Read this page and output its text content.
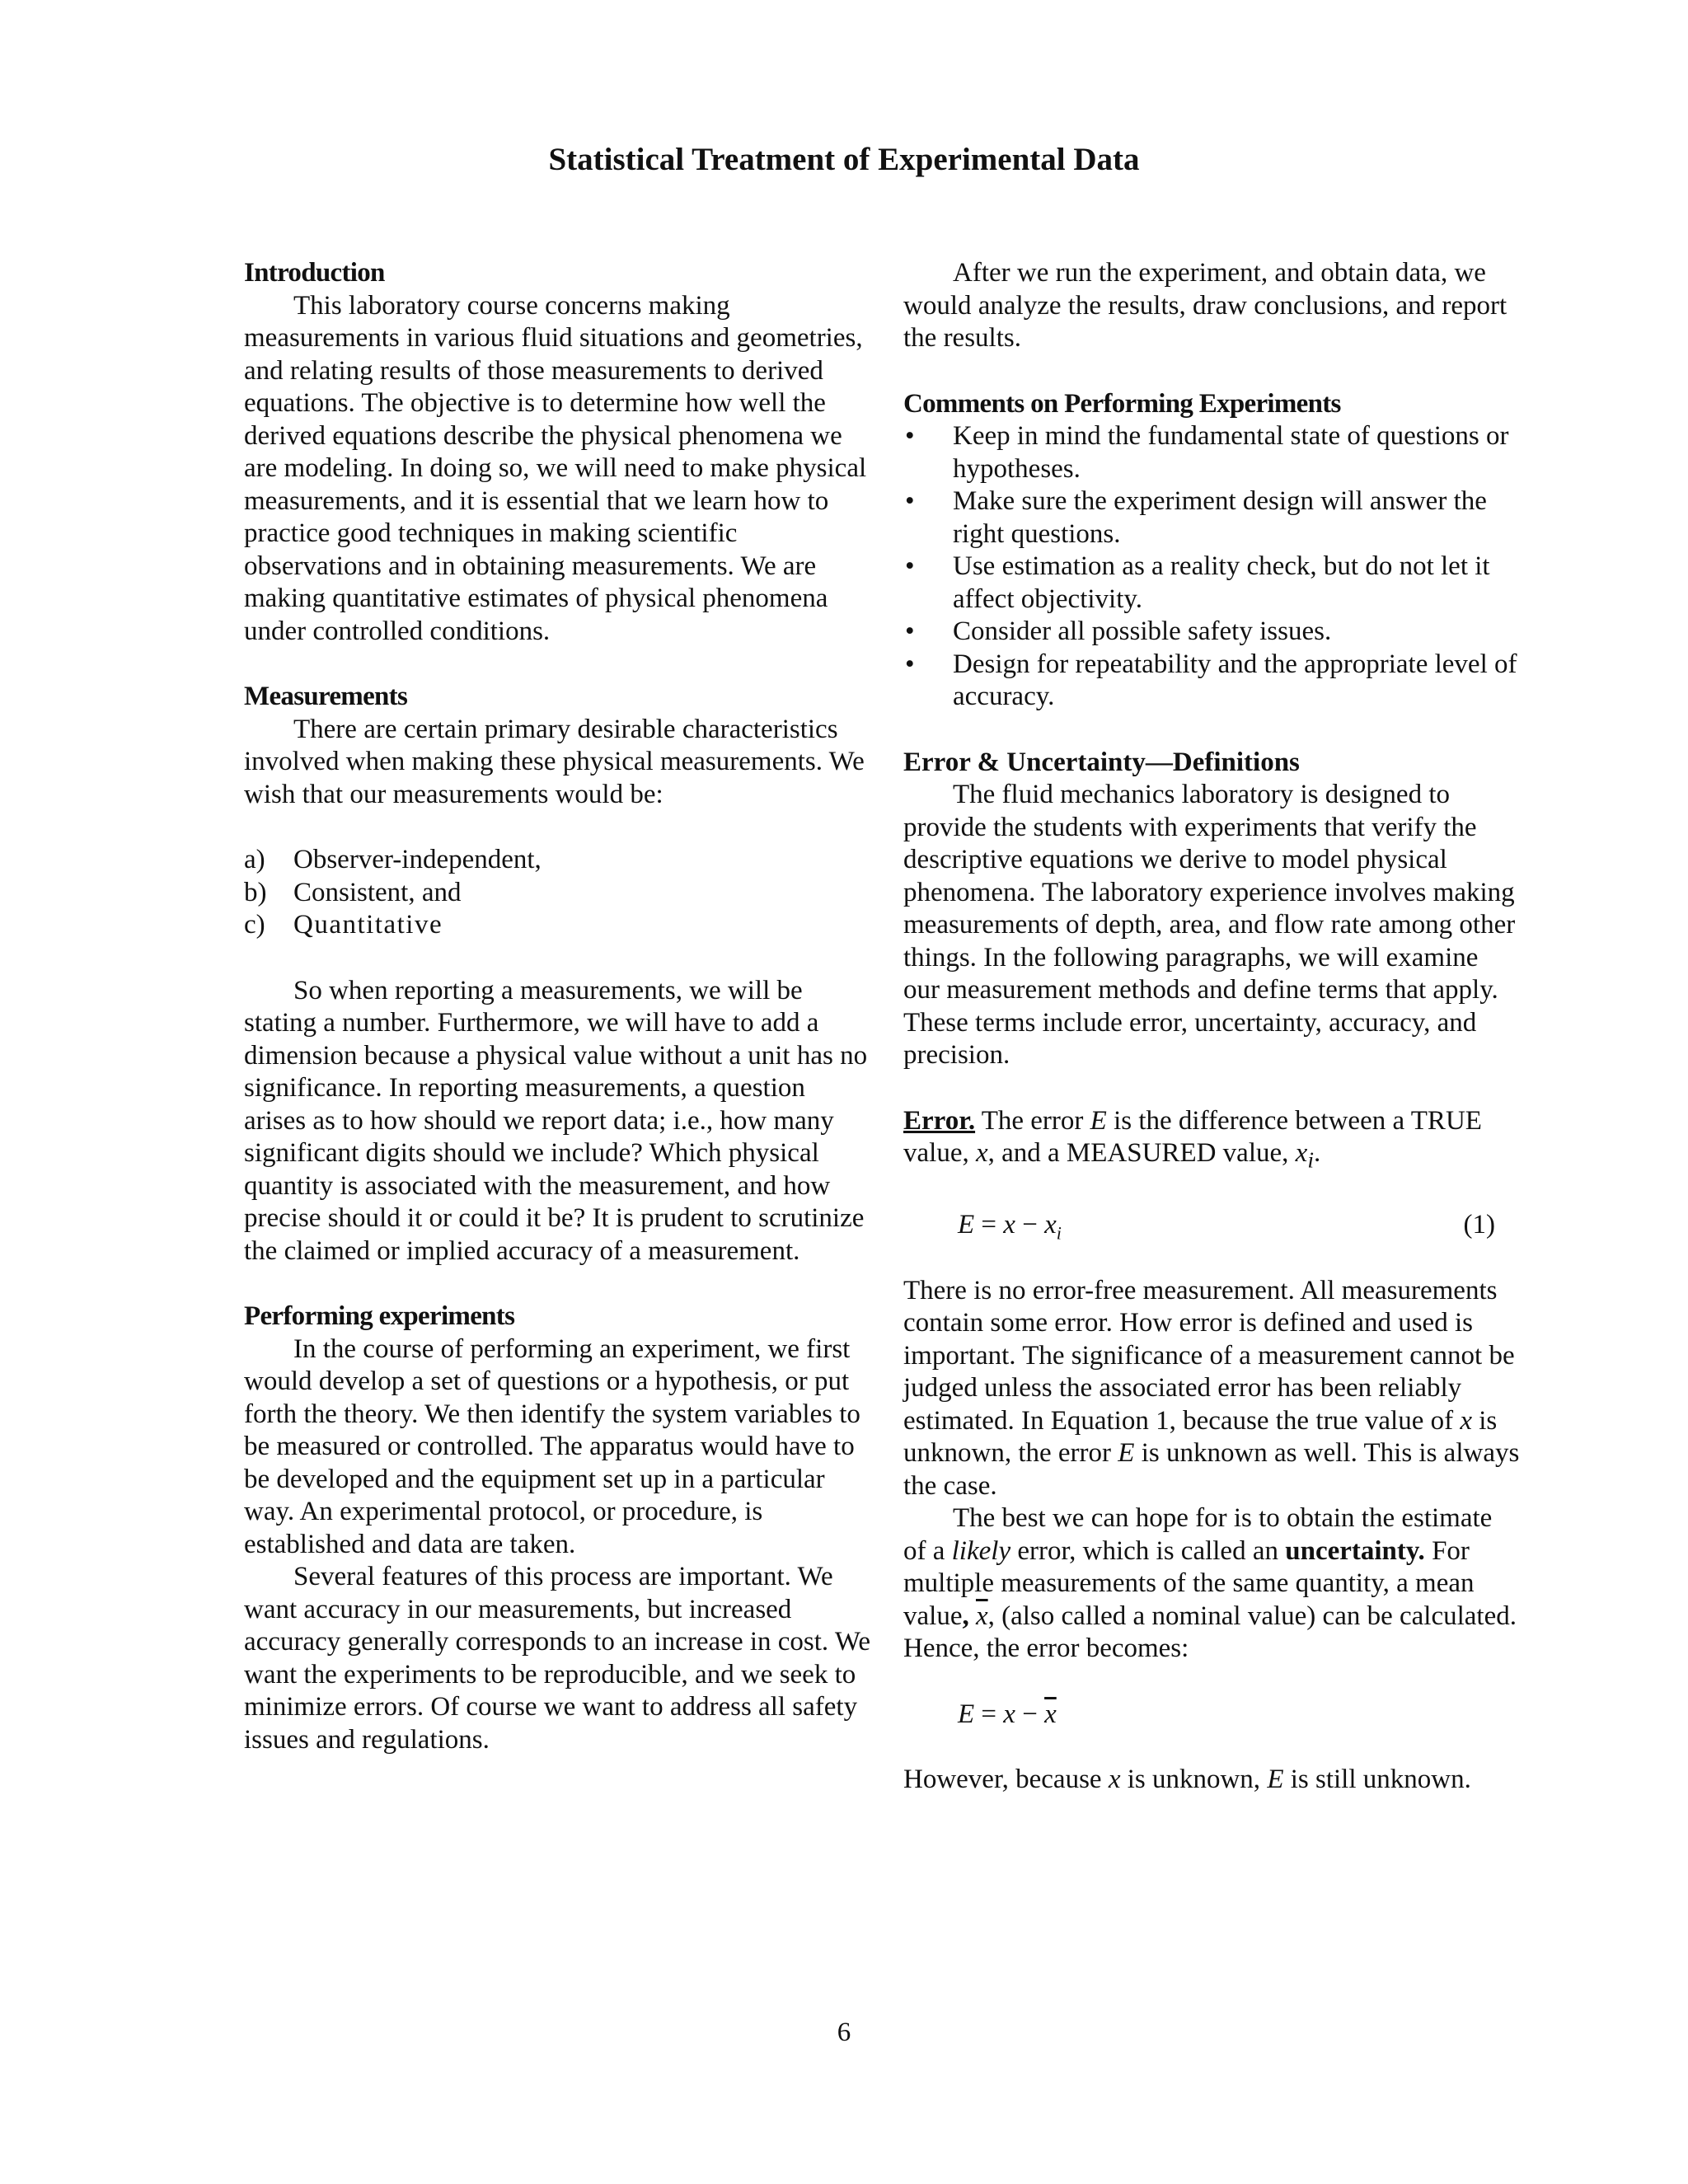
Statistical Treatment of Experimental Data

Introduction

This laboratory course concerns making measurements in various fluid situations and geometries, and relating results of those measurements to derived equations. The objective is to determine how well the derived equations describe the physical phenomena we are modeling. In doing so, we will need to make physical measurements, and it is essential that we learn how to practice good techniques in making scientific observations and in obtaining measurements. We are making quantitative estimates of physical phenomena under controlled conditions.

Measurements

There are certain primary desirable characteristics involved when making these physical measurements. We wish that our measurements would be:

a) Observer-independent,
b) Consistent, and
c) Quantitative

So when reporting a measurements, we will be stating a number. Furthermore, we will have to add a dimension because a physical value without a unit has no significance. In reporting measurements, a question arises as to how should we report data; i.e., how many significant digits should we include? Which physical quantity is associated with the measurement, and how precise should it or could it be? It is prudent to scrutinize the claimed or implied accuracy of a measurement.

Performing experiments

In the course of performing an experiment, we first would develop a set of questions or a hypothesis, or put forth the theory. We then identify the system variables to be measured or controlled. The apparatus would have to be developed and the equipment set up in a particular way. An experimental protocol, or procedure, is established and data are taken.

Several features of this process are important. We want accuracy in our measurements, but increased accuracy generally corresponds to an increase in cost. We want the experiments to be reproducible, and we seek to minimize errors. Of course we want to address all safety issues and regulations.

After we run the experiment, and obtain data, we would analyze the results, draw conclusions, and report the results.

Comments on Performing Experiments

• Keep in mind the fundamental state of questions or hypotheses.
• Make sure the experiment design will answer the right questions.
• Use estimation as a reality check, but do not let it affect objectivity.
• Consider all possible safety issues.
• Design for repeatability and the appropriate level of accuracy.

Error & Uncertainty—Definitions

The fluid mechanics laboratory is designed to provide the students with experiments that verify the descriptive equations we derive to model physical phenomena. The laboratory experience involves making measurements of depth, area, and flow rate among other things. In the following paragraphs, we will examine our measurement methods and define terms that apply. These terms include error, uncertainty, accuracy, and precision.

Error. The error E is the difference between a TRUE value, x, and a MEASURED value, $x_i$.

$E = x - x_i$	(1)

There is no error-free measurement. All measurements contain some error. How error is defined and used is important. The significance of a measurement cannot be judged unless the associated error has been reliably estimated. In Equation 1, because the true value of x is unknown, the error E is unknown as well. This is always the case.

The best we can hope for is to obtain the estimate of a likely error, which is called an uncertainty. For multiple measurements of the same quantity, a mean value, $\overline{x}$, (also called a nominal value) can be calculated. Hence, the error becomes:

$E = x - \overline{x}$

However, because x is unknown, E is still unknown.

6
